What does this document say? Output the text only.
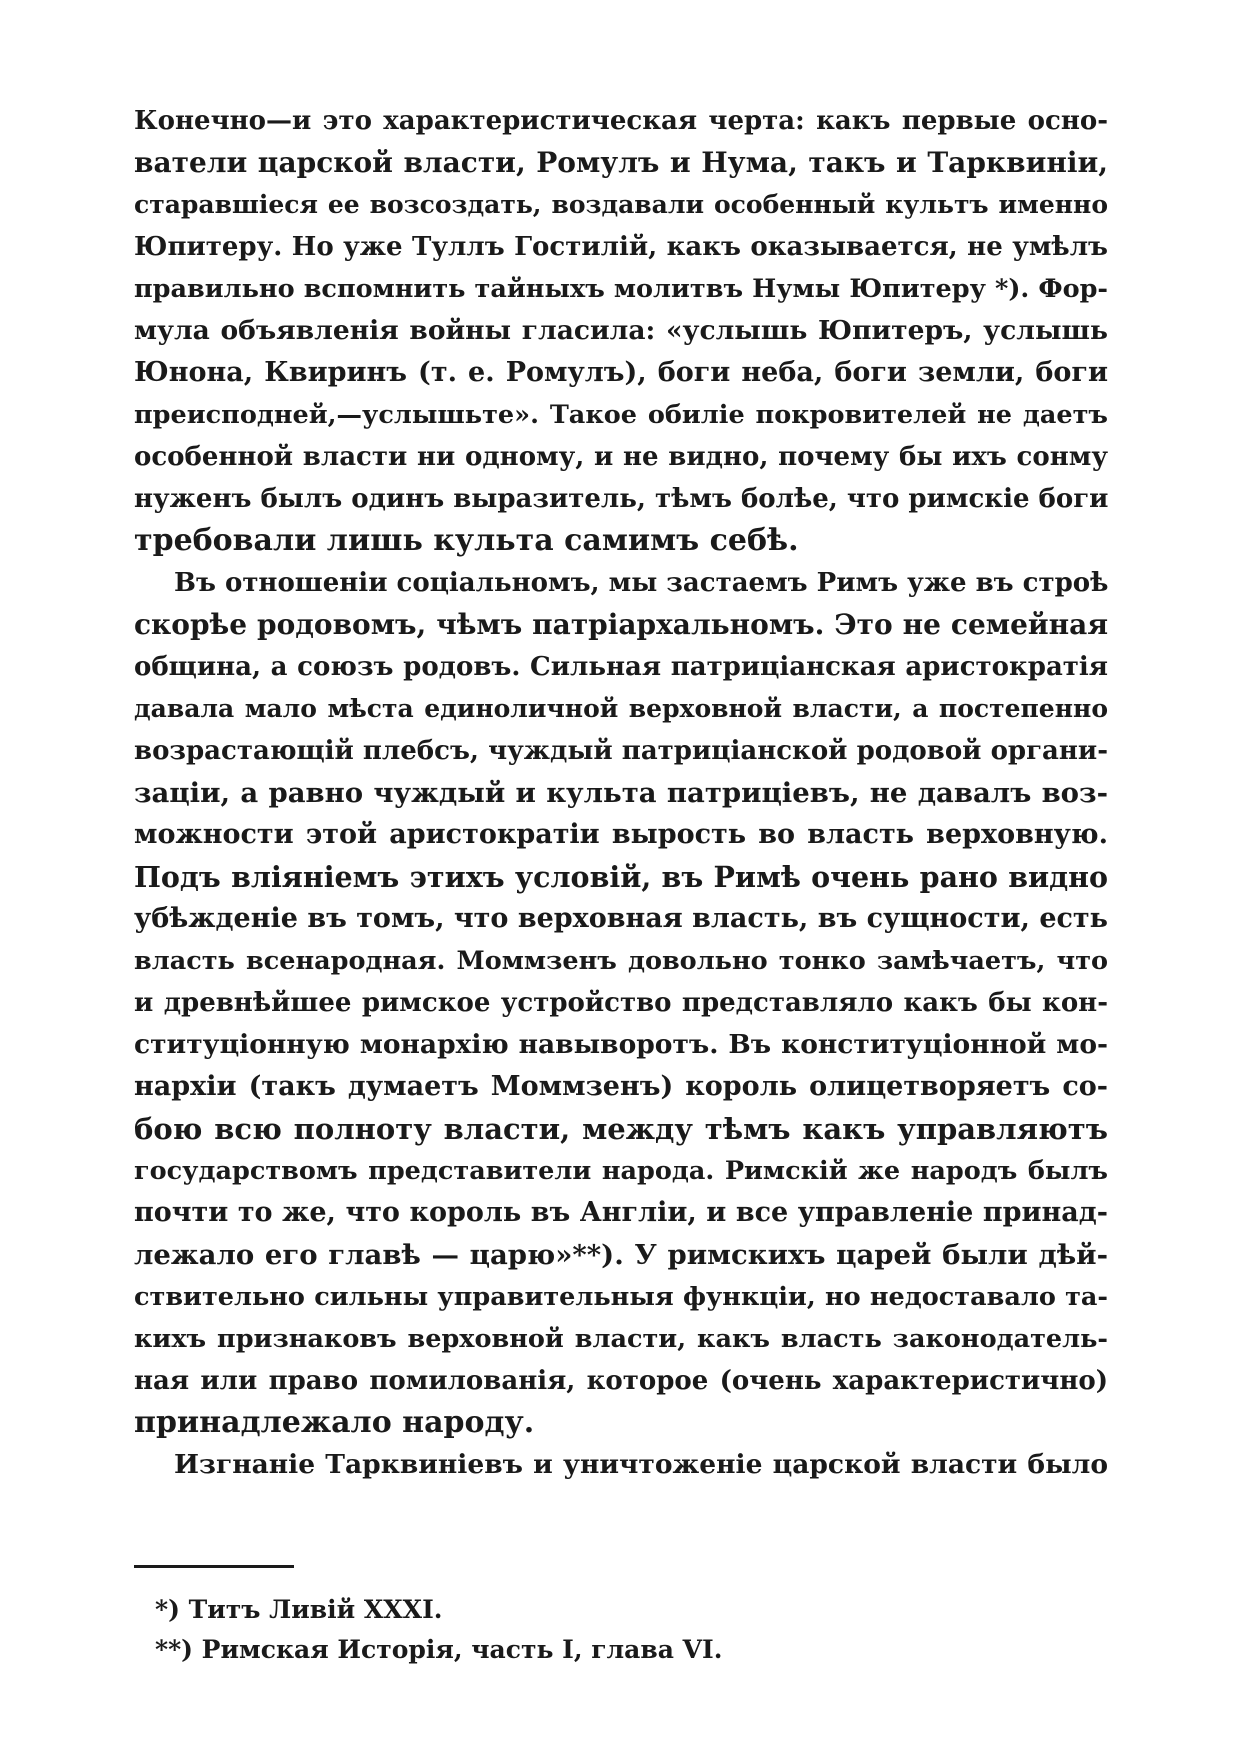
Конечно—и это характеристическая черта: какъ первые осно-
ватели царской власти, Ромулъ и Нума, такъ и Тарквиніи,
старавшіеся ее возсоздать, воздавали особенный культъ именно
Юпитеру. Но уже Туллъ Гостилій, какъ оказывается, не умѣлъ
правильно вспомнить тайныхъ молитвъ Нумы Юпитеру *). Фор-
мула объявленія войны гласила: «услышь Юпитеръ, услышь
Юнона, Квиринъ (т. е. Ромулъ), боги неба, боги земли, боги
преисподней,—услышьте». Такое обиліе покровителей не даетъ
особенной власти ни одному, и не видно, почему бы ихъ сонму
нуженъ былъ одинъ выразитель, тѣмъ болѣе, что римскіе боги
требовали лишь культа самимъ себѣ.
Въ отношеніи соціальномъ, мы застаемъ Римъ уже въ строѣ
скорѣе родовомъ, чѣмъ патріархальномъ. Это не семейная
община, а союзъ родовъ. Сильная патриціанская аристократія
давала мало мѣста единоличной верховной власти, а постепенно
возрастающій плебсъ, чуждый патриціанской родовой органи-
заціи, а равно чуждый и культа патриціевъ, не давалъ воз-
можности этой аристократіи вырость во власть верховную.
Подъ вліяніемъ этихъ условій, въ Римѣ очень рано видно
убѣжденіе въ томъ, что верховная власть, въ сущности, есть
власть всенародная. Моммзенъ довольно тонко замѣчаетъ, что
и древнѣйшее римское устройство представляло какъ бы кон-
ституціонную монархію навыворотъ. Въ конституціонной мо-
нархіи (такъ думаетъ Моммзенъ) король олицетворяетъ со-
бою всю полноту власти, между тѣмъ какъ управляютъ
государствомъ представители народа. Римскій же народъ былъ
почти то же, что король въ Англіи, и все управленіе принад-
лежало его главѣ — царю»**). У римскихъ царей были дѣй-
ствительно сильны управительныя функціи, но недоставало та-
кихъ признаковъ верховной власти, какъ власть законодатель-
ная или право помилованія, которое (очень характеристично)
принадлежало народу.
Изгнаніе Тарквиніевъ и уничтоженіе царской власти было
*) Титъ Ливій XXXI.
**) Римская Исторія, часть I, глава VI.
